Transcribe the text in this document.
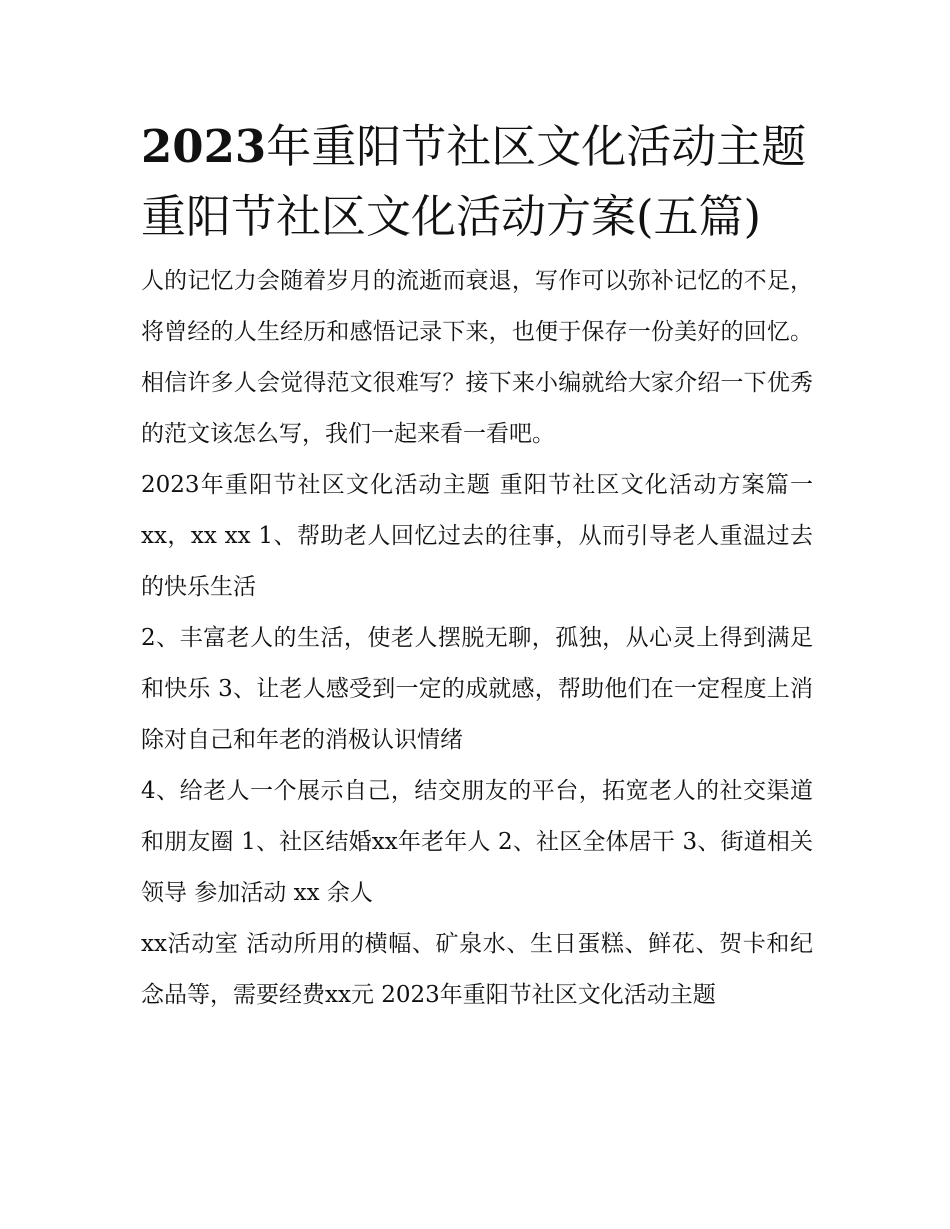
2023年重阳节社区文化活动主题 重阳节社区文化活动方案(五篇)

人的记忆力会随着岁月的流逝而衰退，写作可以弥补记忆的不足，将曾经的人生经历和感悟记录下来，也便于保存一份美好的回忆。相信许多人会觉得范文很难写？接下来小编就给大家介绍一下优秀的范文该怎么写，我们一起来看一看吧。

2023年重阳节社区文化活动主题 重阳节社区文化活动方案篇一 xx，xx xx 1、帮助老人回忆过去的往事，从而引导老人重温过去的快乐生活

2、丰富老人的生活，使老人摆脱无聊，孤独，从心灵上得到满足和快乐 3、让老人感受到一定的成就感，帮助他们在一定程度上消除对自己和年老的消极认识情绪

4、给老人一个展示自己，结交朋友的平台，拓宽老人的社交渠道和朋友圈 1、社区结婚xx年老年人 2、社区全体居干 3、街道相关领导 参加活动 xx 余人

xx活动室 活动所用的横幅、矿泉水、生日蛋糕、鲜花、贺卡和纪念品等，需要经费xx元 2023年重阳节社区文化活动主题
